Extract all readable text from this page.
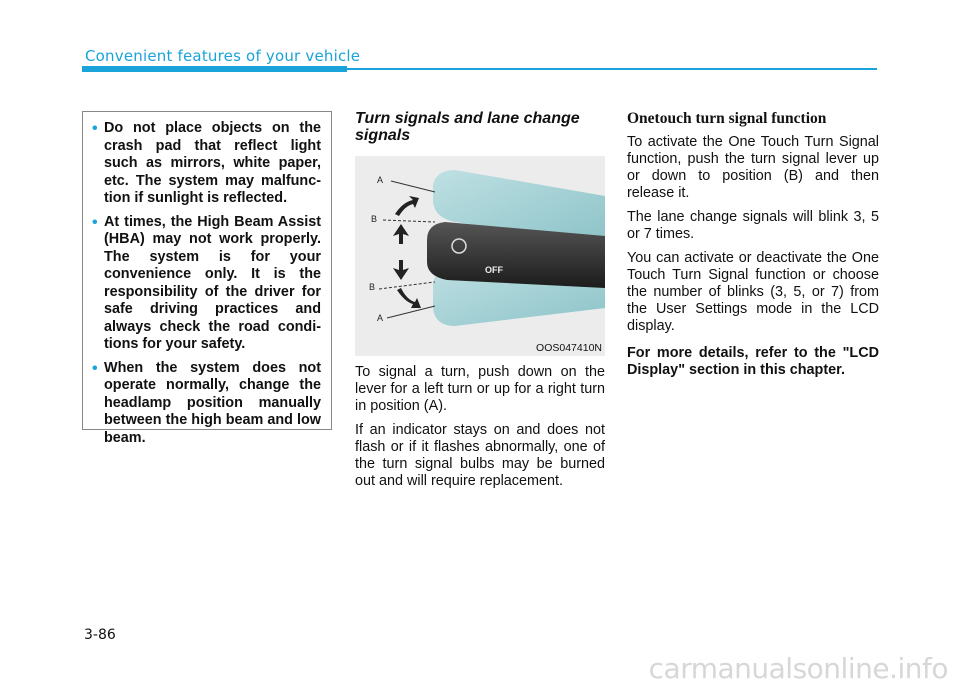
Convenient features of your vehicle
• Do not place objects on the crash pad that reflect light such as mirrors, white paper, etc. The system may malfunc-tion if sunlight is reflected.
• At times, the High Beam Assist (HBA) may not work properly. The system is for your convenience only. It is the responsibility of the driver for safe driving practices and always check the road condi-tions for your safety.
• When the system does not operate normally, change the headlamp position manually between the high beam and low beam.
Turn signals and lane change signals
OFF
A
B
B
A
OOS047410N

To signal a turn, push down on the lever for a left turn or up for a right turn in position (A).

If an indicator stays on and does not flash or if it flashes abnormally, one of the turn signal bulbs may be burned out and will require replacement.

Onetouch turn signal function

To activate the One Touch Turn Signal function, push the turn signal lever up or down to position (B) and then release it.

The lane change signals will blink 3, 5 or 7 times.

You can activate or deactivate the One Touch Turn Signal function or choose the number of blinks (3, 5, or 7) from the User Settings mode in the LCD display.

For more details, refer to the "LCD Display" section in this chapter.

3-86
carmanualsonline.info
